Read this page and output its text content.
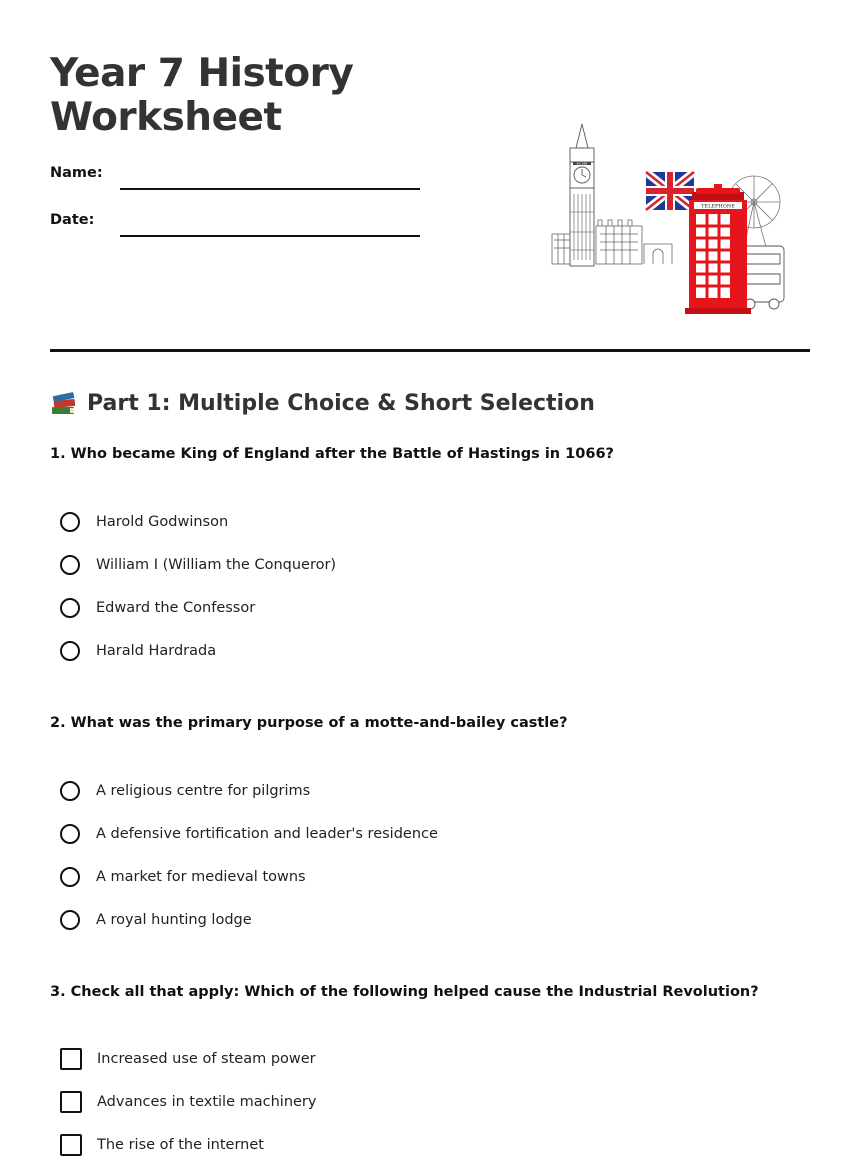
Year 7 History
Worksheet
Name:
Date:
BIG BEN
TELEPHONE
Part 1: Multiple Choice & Short Selection

1. Who became King of England after the Battle of Hastings in 1066?

Harold Godwinson
William I (William the Conqueror)
Edward the Confessor
Harald Hardrada

2. What was the primary purpose of a motte-and-bailey castle?

A religious centre for pilgrims
A defensive fortification and leader's residence
A market for medieval towns
A royal hunting lodge

3. Check all that apply: Which of the following helped cause the Industrial Revolution?

Increased use of steam power
Advances in textile machinery
The rise of the internet
